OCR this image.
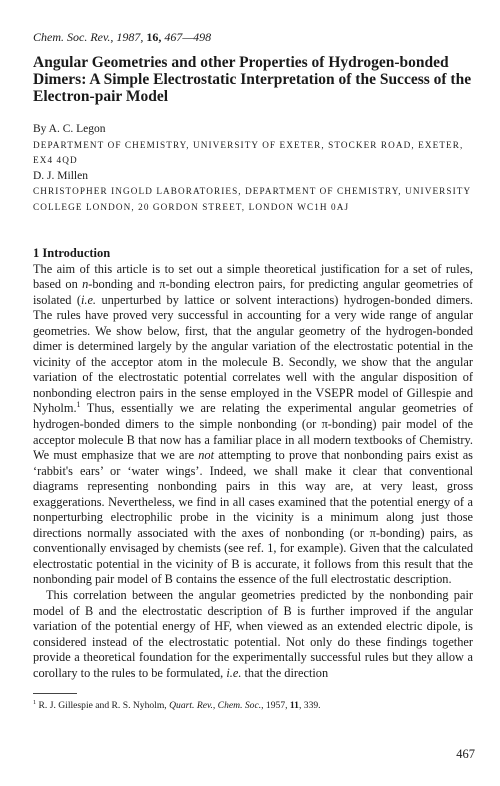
Chem. Soc. Rev., 1987, 16, 467—498
Angular Geometries and other Properties of Hydrogen-bonded Dimers: A Simple Electrostatic Interpretation of the Success of the Electron-pair Model
By A. C. Legon
DEPARTMENT OF CHEMISTRY, UNIVERSITY OF EXETER, STOCKER ROAD, EXETER, EX4 4QD
D. J. Millen
CHRISTOPHER INGOLD LABORATORIES, DEPARTMENT OF CHEMISTRY, UNIVERSITY COLLEGE LONDON, 20 GORDON STREET, LONDON WC1H 0AJ
1 Introduction

The aim of this article is to set out a simple theoretical justification for a set of rules, based on n-bonding and π-bonding electron pairs, for predicting angular geometries of isolated (i.e. unperturbed by lattice or solvent interactions) hydrogen-bonded dimers. The rules have proved very successful in accounting for a very wide range of angular geometries. We show below, first, that the angular geometry of the hydrogen-bonded dimer is determined largely by the angular variation of the electrostatic potential in the vicinity of the acceptor atom in the molecule B. Secondly, we show that the angular variation of the electrostatic potential correlates well with the angular disposition of nonbonding electron pairs in the sense employed in the VSEPR model of Gillespie and Nyholm.$^1$ Thus, essentially we are relating the experimental angular geometries of hydrogen-bonded dimers to the simple nonbonding (or π-bonding) pair model of the acceptor molecule B that now has a familiar place in all modern textbooks of Chemistry. We must emphasize that we are not attempting to prove that nonbonding pairs exist as ‘rabbit's ears’ or ‘water wings’. Indeed, we shall make it clear that conventional diagrams representing nonbonding pairs in this way are, at very least, gross exaggerations. Nevertheless, we find in all cases examined that the potential energy of a nonperturbing electrophilic probe in the vicinity is a minimum along just those directions normally associated with the axes of nonbonding (or π-bonding) pairs, as conventionally envisaged by chemists (see ref. 1, for example). Given that the calculated electrostatic potential in the vicinity of B is accurate, it follows from this result that the nonbonding pair model of B contains the essence of the full electrostatic description.

This correlation between the angular geometries predicted by the nonbonding pair model of B and the electrostatic description of B is further improved if the angular variation of the potential energy of HF, when viewed as an extended electric dipole, is considered instead of the electrostatic potential. Not only do these findings together provide a theoretical foundation for the experimentally successful rules but they allow a corollary to the rules to be formulated, i.e. that the direction

$^1$ R. J. Gillespie and R. S. Nyholm, Quart. Rev., Chem. Soc., 1957, 11, 339.
467
